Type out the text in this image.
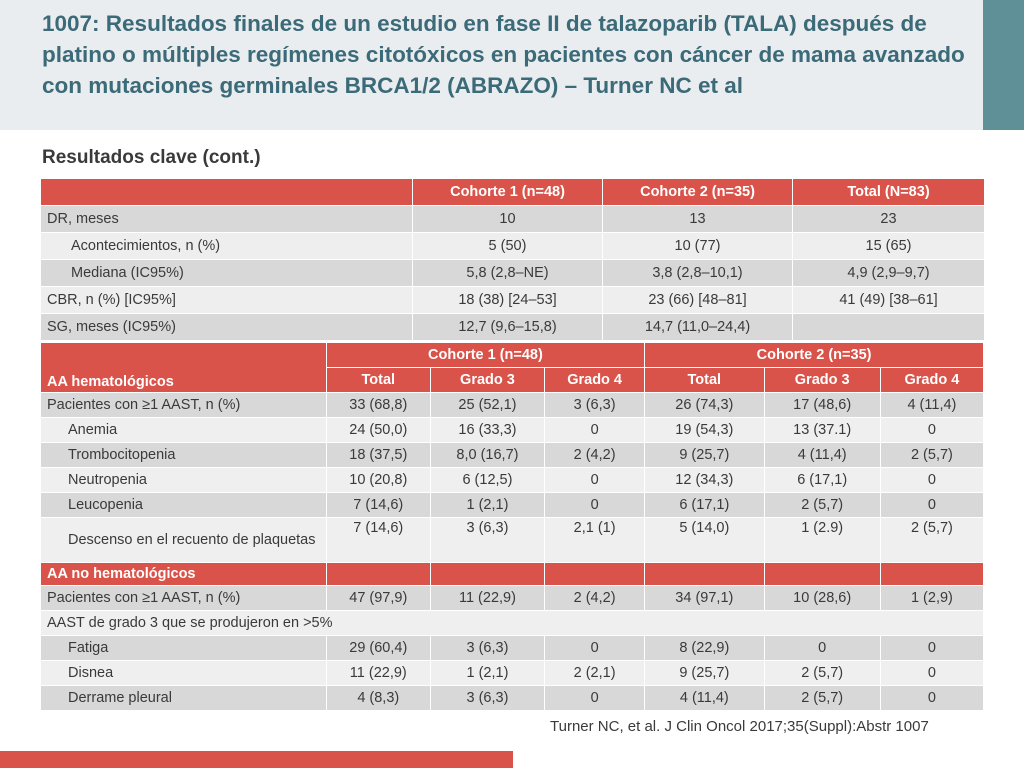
1007: Resultados finales de un estudio en fase II de talazoparib (TALA) después de platino o múltiples regímenes citotóxicos en pacientes con cáncer de mama avanzado con mutaciones germinales BRCA1/2 (ABRAZO) – Turner NC et al
Resultados clave (cont.)
	Cohorte 1 (n=48)	Cohorte 2 (n=35)	Total (N=83)
DR, meses	10	13	23
Acontecimientos, n (%)	5 (50)	10 (77)	15 (65)
Mediana (IC95%)	5,8 (2,8–NE)	3,8 (2,8–10,1)	4,9 (2,9–9,7)
CBR, n (%) [IC95%]	18 (38) [24–53]	23 (66) [48–81]	41 (49) [38–61]
SG, meses (IC95%)	12,7 (9,6–15,8)	14,7 (11,0–24,4)	
AA hematológicos	Cohorte 1 (n=48)			Cohorte 2 (n=35)		
	Total	Grado 3	Grado 4	Total	Grado 3	Grado 4
Pacientes con ≥1 AAST, n (%)	33 (68,8)	25 (52,1)	3 (6,3)	26 (74,3)	17 (48,6)	4 (11,4)
Anemia	24 (50,0)	16 (33,3)	0	19 (54,3)	13 (37.1)	0
Trombocitopenia	18 (37,5)	8,0 (16,7)	2 (4,2)	9 (25,7)	4 (11,4)	2 (5,7)
Neutropenia	10 (20,8)	6 (12,5)	0	12 (34,3)	6 (17,1)	0
Leucopenia	7 (14,6)	1 (2,1)	0	6 (17,1)	2 (5,7)	0
Descenso en el recuento de plaquetas	7 (14,6)	3 (6,3)	2,1 (1)	5 (14,0)	1 (2.9)	2 (5,7)
AA no hematológicos						
Pacientes con ≥1 AAST, n (%)	47 (97,9)	11 (22,9)	2 (4,2)	34 (97,1)	10 (28,6)	1 (2,9)
AAST de grado 3 que se produjeron en >5%						
Fatiga	29 (60,4)	3 (6,3)	0	8 (22,9)	0	0
Disnea	11 (22,9)	1 (2,1)	2 (2,1)	9 (25,7)	2 (5,7)	0
Derrame pleural	4 (8,3)	3 (6,3)	0	4 (11,4)	2 (5,7)	0
Turner NC, et al. J Clin Oncol 2017;35(Suppl):Abstr 1007
